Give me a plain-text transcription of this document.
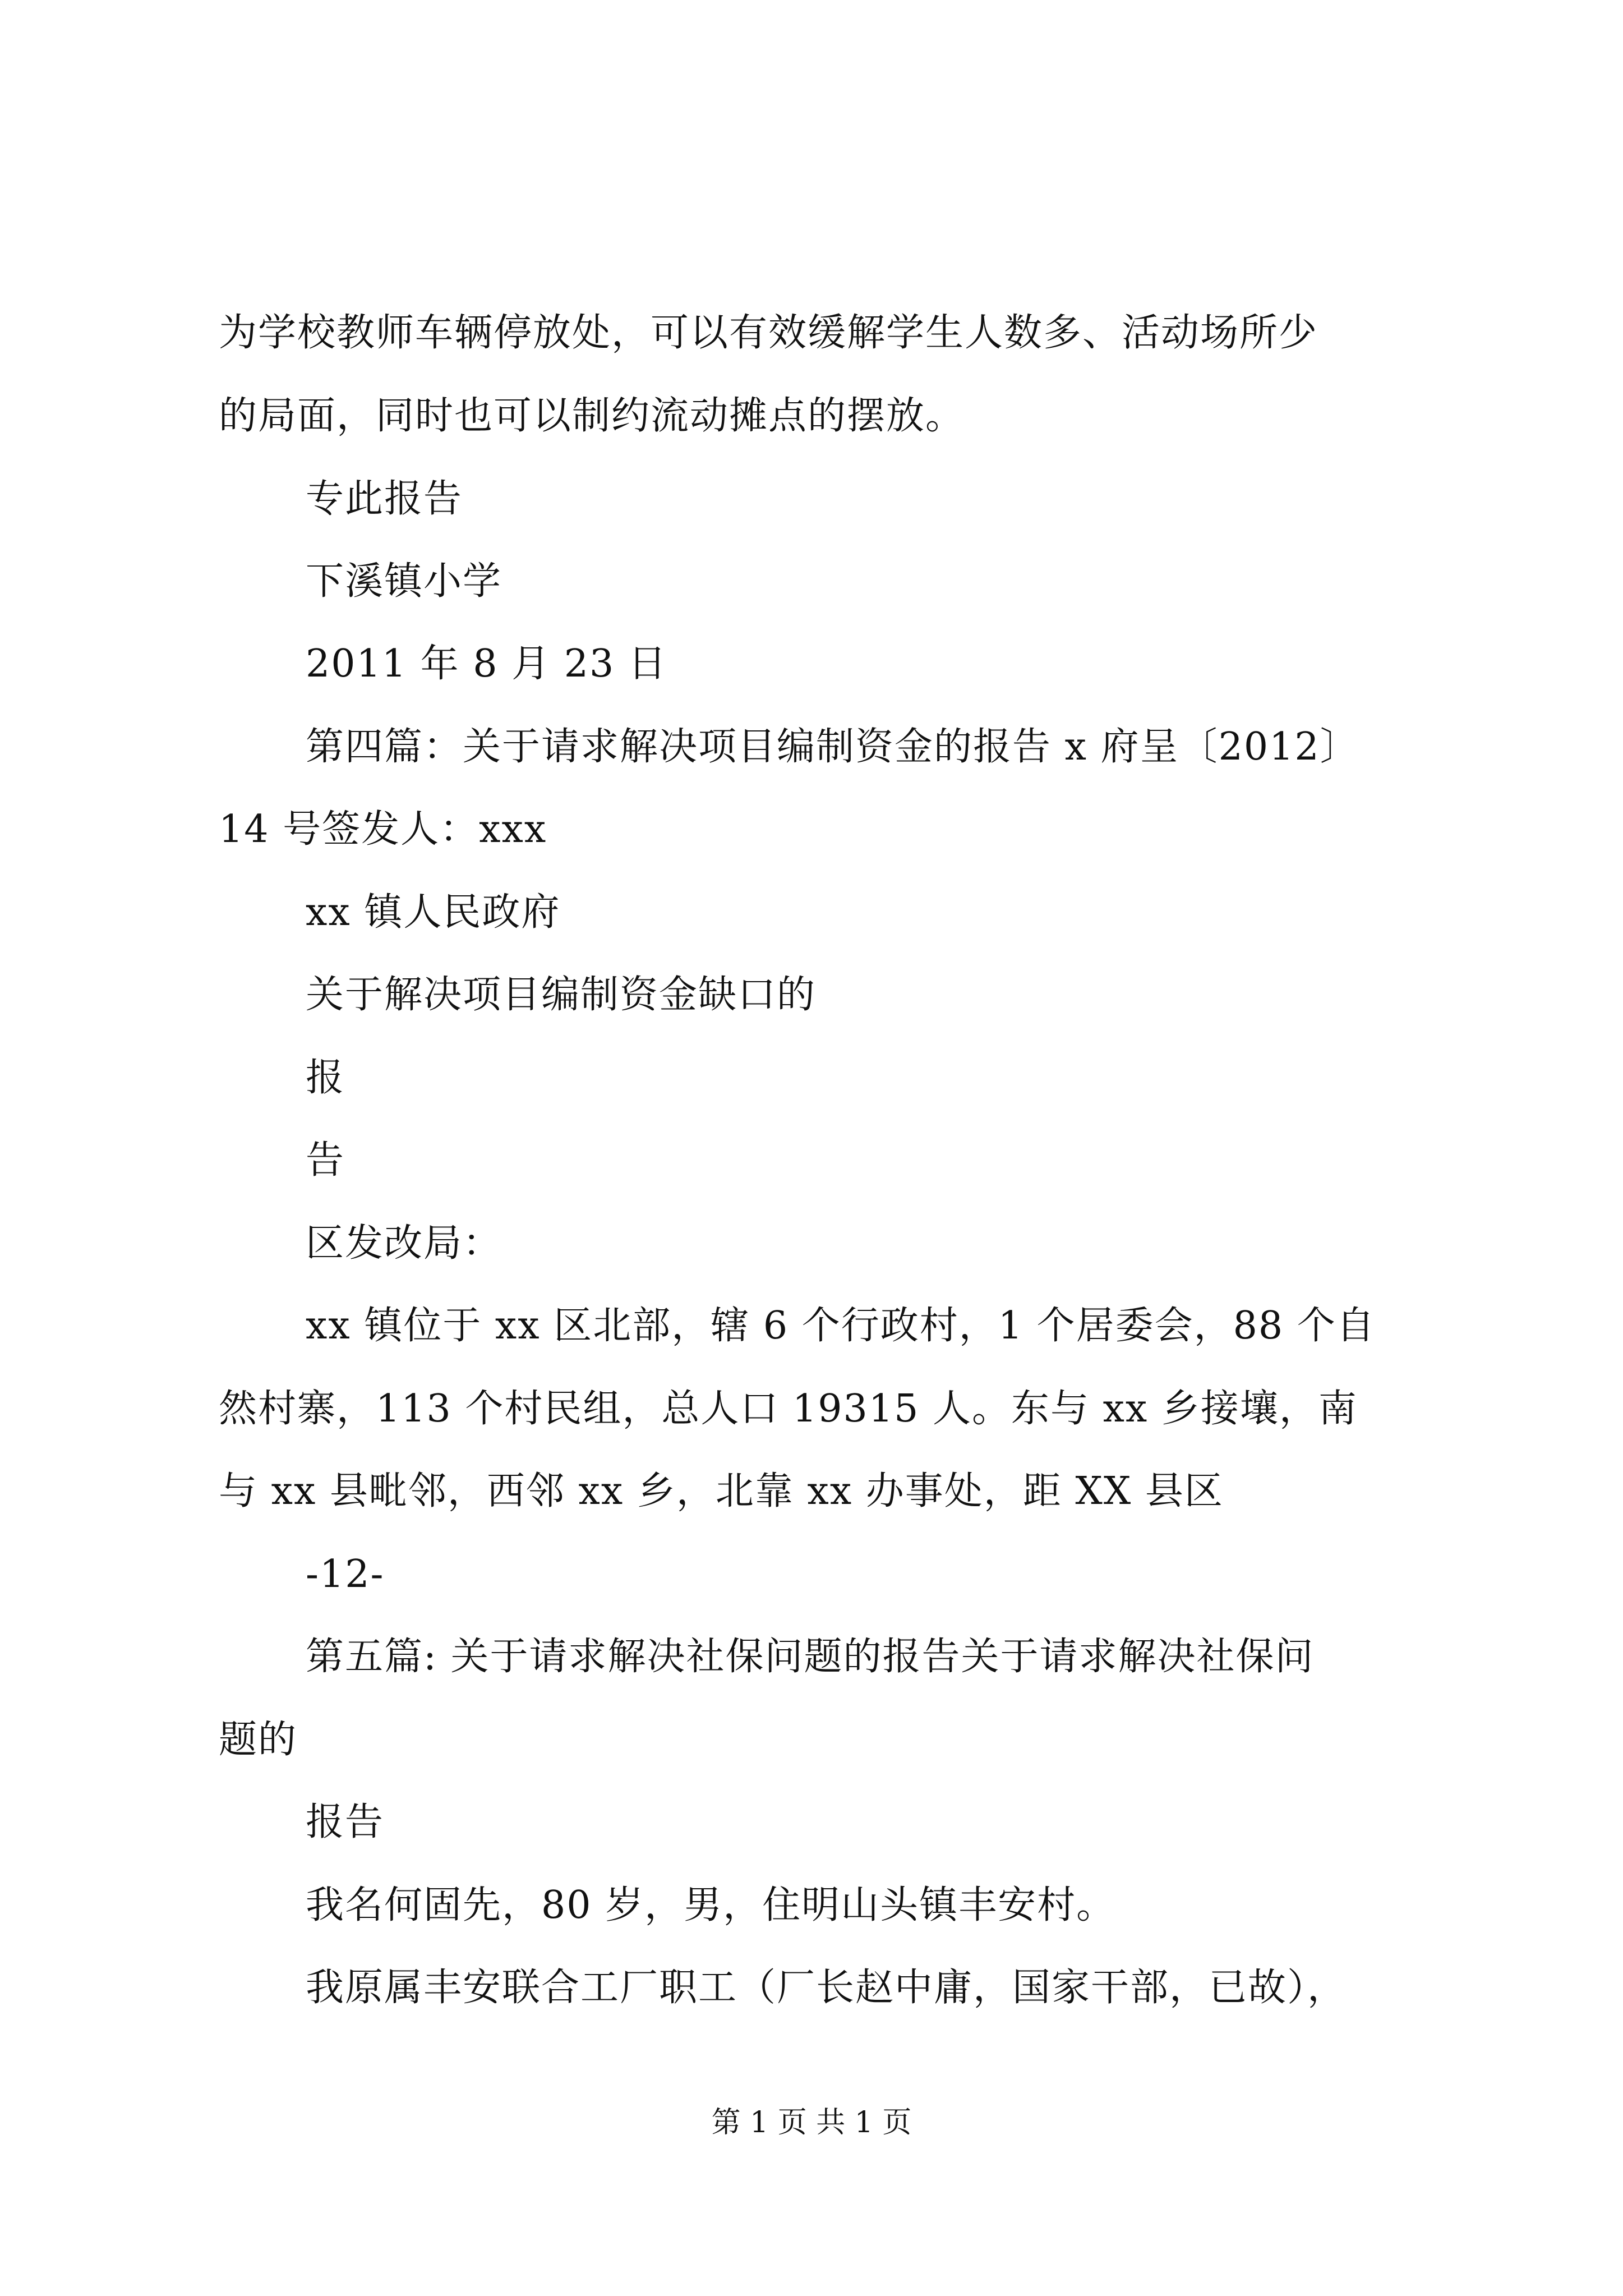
为学校教师车辆停放处，可以有效缓解学生人数多、活动场所少
的局面，同时也可以制约流动摊点的摆放。
专此报告
下溪镇小学
2011 年 8 月 23 日
第四篇：关于请求解决项目编制资金的报告 x 府呈〔2012〕
14 号签发人：xxx
xx 镇人民政府
关于解决项目编制资金缺口的
报
告
区发改局：
xx 镇位于 xx 区北部，辖 6 个行政村，1 个居委会，88 个自
然村寨，113 个村民组，总人口 19315 人。东与 xx 乡接壤，南
与 xx 县毗邻，西邻 xx 乡，北靠 xx 办事处，距 XX 县区
-12-
第五篇: 关于请求解决社保问题的报告关于请求解决社保问
题的
报告
我名何固先，80 岁，男，住明山头镇丰安村。
我原属丰安联合工厂职工（厂长赵中庸，国家干部，已故），
第 1 页 共 1 页
